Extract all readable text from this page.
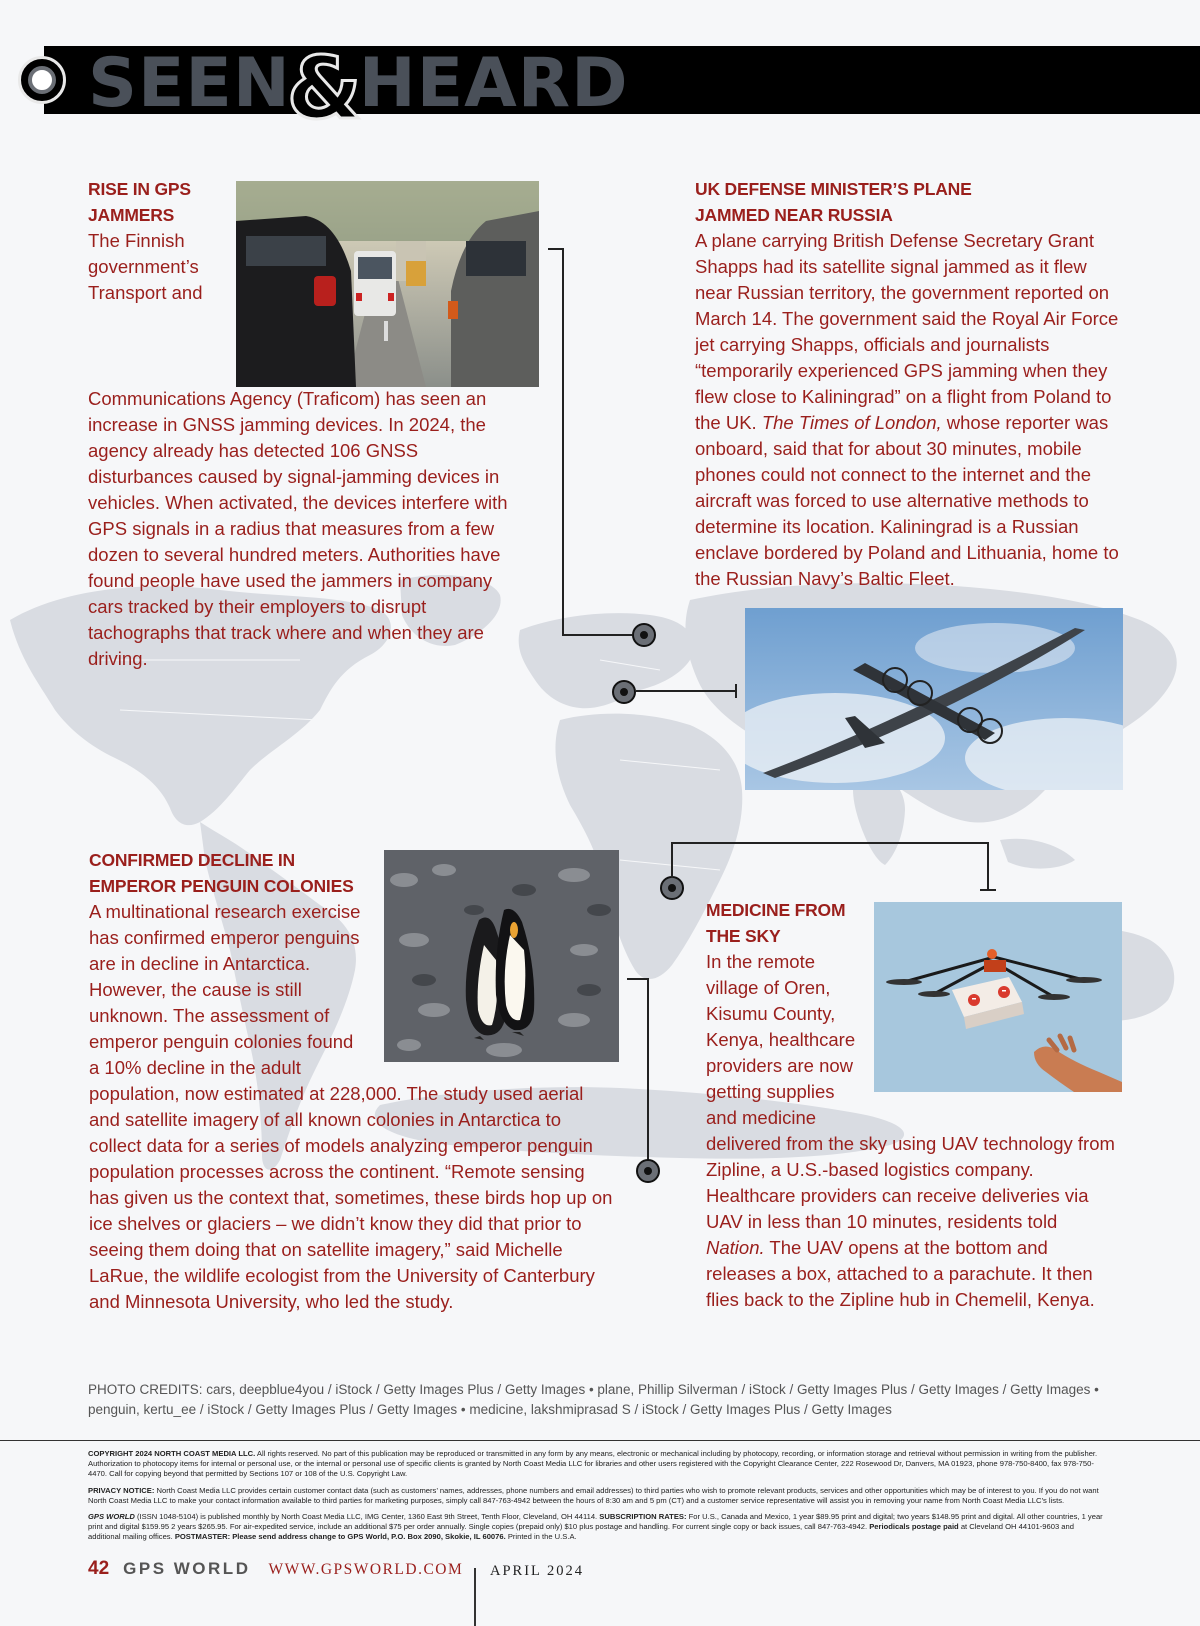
SEEN
&
HEARD
RISE IN GPS
JAMMERS
The Finnish government’s Transport and Communications Agency (Traficom) has seen an increase in GNSS jamming devices. In 2024, the agency already has detected 106 GNSS disturbances caused by signal-jamming devices in vehicles. When activated, the devices interfere with GPS signals in a radius that measures from a few dozen to several hundred meters. Authorities have found people have used the jammers in company cars tracked by their employers to disrupt tachographs that track where and when they are driving.
UK DEFENSE MINISTER’S PLANE
JAMMED NEAR RUSSIA
A plane carrying British Defense Secretary Grant Shapps had its satellite signal jammed as it flew near Russian territory, the government reported on March 14. The government said the Royal Air Force jet carrying Shapps, officials and journalists “temporarily experienced GPS jamming when they flew close to Kaliningrad” on a flight from Poland to the UK. The Times of London, whose reporter was onboard, said that for about 30 minutes, mobile phones could not connect to the internet and the aircraft was forced to use alternative methods to determine its location. Kaliningrad is a Russian enclave bordered by Poland and Lithuania, home to the Russian Navy’s Baltic Fleet.
CONFIRMED DECLINE IN
EMPEROR PENGUIN COLONIES
A multinational research exercise has confirmed emperor penguins are in decline in Antarctica. However, the cause is still unknown. The assessment of emperor penguin colonies found a 10% decline in the adult population, now estimated at 228,000. The study used aerial and satellite imagery of all known colonies in Antarctica to collect data for a series of models analyzing emperor penguin population processes across the continent. “Remote sensing has given us the context that, sometimes, these birds hop up on ice shelves or glaciers – we didn’t know they did that prior to seeing them doing that on satellite imagery,” said Michelle LaRue, the wildlife ecologist from the University of Canterbury and Minnesota University, who led the study.
MEDICINE FROM
THE SKY
In the remote village of Oren, Kisumu County, Kenya, healthcare providers are now getting supplies and medicine delivered from the sky using UAV technology from Zipline, a U.S.-based logistics company. Healthcare providers can receive deliveries via UAV in less than 10 minutes, residents told Nation. The UAV opens at the bottom and releases a box, attached to a parachute. It then flies back to the Zipline hub in Chemelil, Kenya.
PHOTO CREDITS: cars, deepblue4you / iStock / Getty Images Plus / Getty Images • plane, Phillip Silverman / iStock / Getty Images Plus / Getty Images / Getty Images • penguin, kertu_ee / iStock / Getty Images Plus / Getty Images • medicine, lakshmiprasad S / iStock / Getty Images Plus / Getty Images
COPYRIGHT 2024 NORTH COAST MEDIA LLC. All rights reserved. No part of this publication may be reproduced or transmitted in any form by any means, electronic or mechanical including by photocopy, recording, or information storage and retrieval without permission in writing from the publisher. Authorization to photocopy items for internal or personal use, or the internal or personal use of specific clients is granted by North Coast Media LLC for libraries and other users registered with the Copyright Clearance Center, 222 Rosewood Dr, Danvers, MA 01923, phone 978-750-8400, fax 978-750-4470. Call for copying beyond that permitted by Sections 107 or 108 of the U.S. Copyright Law.
PRIVACY NOTICE: North Coast Media LLC provides certain customer contact data (such as customers’ names, addresses, phone numbers and email addresses) to third parties who wish to promote relevant products, services and other opportunities which may be of interest to you. If you do not want North Coast Media LLC to make your contact information available to third parties for marketing purposes, simply call 847-763-4942 between the hours of 8:30 am and 5 pm (CT) and a customer service representative will assist you in removing your name from North Coast Media LLC’s lists.
GPS WORLD (ISSN 1048-5104) is published monthly by North Coast Media LLC, IMG Center, 1360 East 9th Street, Tenth Floor, Cleveland, OH 44114. SUBSCRIPTION RATES: For U.S., Canada and Mexico, 1 year $89.95 print and digital; two years $148.95 print and digital. All other countries, 1 year print and digital $159.95 2 years $265.95. For air-expedited service, include an additional $75 per order annually. Single copies (prepaid only) $10 plus postage and handling. For current single copy or back issues, call 847-763-4942. Periodicals postage paid at Cleveland OH 44101-9603 and additional mailing offices. POSTMASTER: Please send address change to GPS World, P.O. Box 2090, Skokie, IL 60076. Printed in the U.S.A.
42 GPS WORLD WWW.GPSWORLD.COM APRIL 2024
